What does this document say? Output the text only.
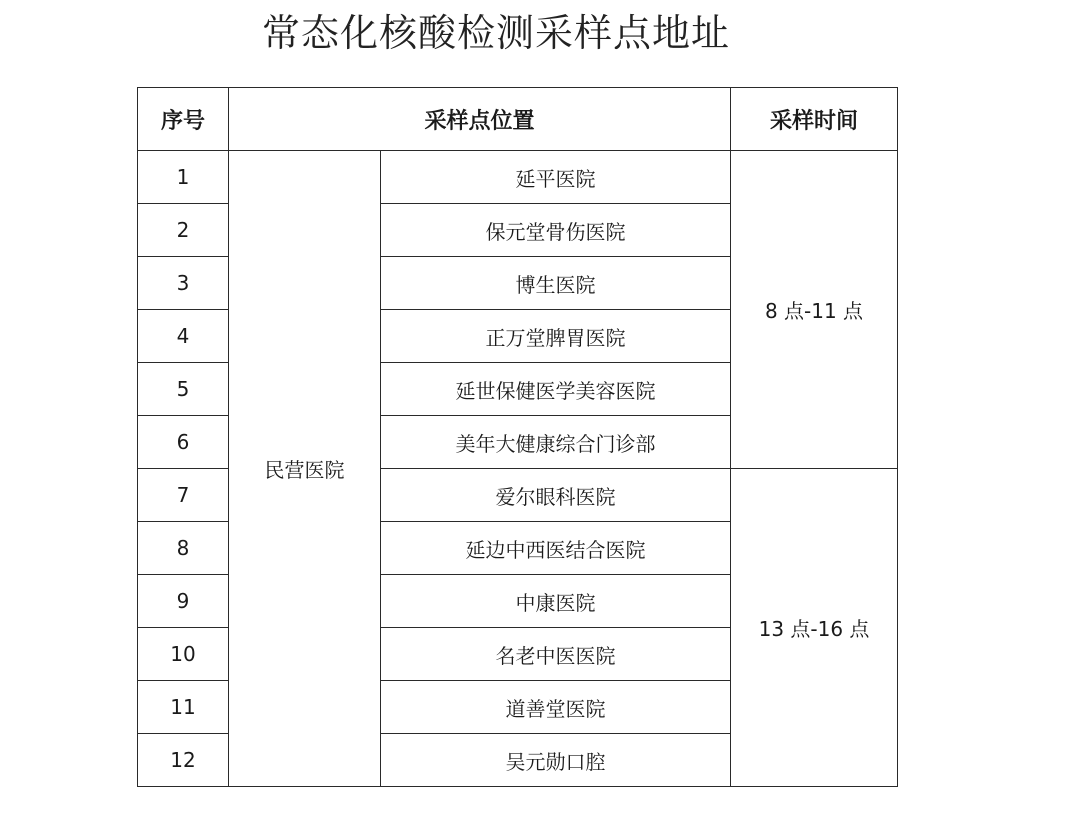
常态化核酸检测采样点地址
序号	采样点位置		采样时间
1	民营医院	延平医院	8 点-11 点
2		保元堂骨伤医院	
3		博生医院	
4		正万堂脾胃医院	
5		延世保健医学美容医院	
6		美年大健康综合门诊部	
7		爱尔眼科医院	13 点-16 点
8		延边中西医结合医院	
9		中康医院	
10		名老中医医院	
11		道善堂医院	
12		吴元勋口腔	
